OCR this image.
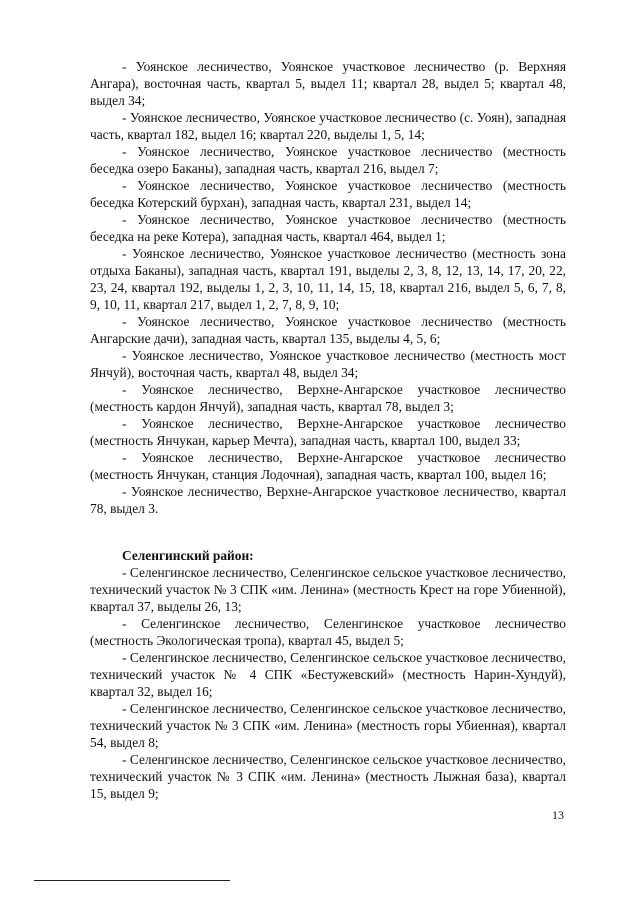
- Уоянское лесничество, Уоянское участковое лесничество (р. Верхняя Ангара), восточная часть, квартал 5, выдел 11; квартал 28, выдел 5; квартал 48, выдел 34;

- Уоянское лесничество, Уоянское участковое лесничество (с. Уоян), западная часть, квартал 182, выдел 16; квартал 220, выделы 1, 5, 14;

- Уоянское лесничество, Уоянское участковое лесничество (местность беседка озеро Баканы), западная часть, квартал 216, выдел 7;

- Уоянское лесничество, Уоянское участковое лесничество (местность беседка Котерский бурхан), западная часть, квартал 231, выдел 14;

- Уоянское лесничество, Уоянское участковое лесничество (местность беседка на реке Котера), западная часть, квартал 464, выдел 1;

- Уоянское лесничество, Уоянское участковое лесничество (местность зона отдыха Баканы), западная часть, квартал 191, выделы 2, 3, 8, 12, 13, 14, 17, 20, 22, 23, 24, квартал 192, выделы 1, 2, 3, 10, 11, 14, 15, 18, квартал 216, выдел 5, 6, 7, 8, 9, 10, 11, квартал 217, выдел 1, 2, 7, 8, 9, 10;

- Уоянское лесничество, Уоянское участковое лесничество (местность Ангарские дачи), западная часть, квартал 135, выделы 4, 5, 6;

- Уоянское лесничество, Уоянское участковое лесничество (местность мост Янчуй), восточная часть, квартал 48, выдел 34;

- Уоянское лесничество, Верхне-Ангарское участковое лесничество (местность кардон Янчуй), западная часть, квартал 78, выдел 3;

- Уоянское лесничество, Верхне-Ангарское участковое лесничество (местность Янчукан, карьер Мечта), западная часть, квартал 100, выдел 33;

- Уоянское лесничество, Верхне-Ангарское участковое лесничество (местность Янчукан, станция Лодочная), западная часть, квартал 100, выдел 16;

- Уоянское лесничество, Верхне-Ангарское участковое лесничество, квартал 78, выдел 3.

Селенгинский район:

- Селенгинское лесничество, Селенгинское сельское участковое лесничество, технический участок № 3 СПК «им. Ленина» (местность Крест на горе Убиенной), квартал 37, выделы 26, 13;

- Селенгинское лесничество, Селенгинское участковое лесничество (местность Экологическая тропа), квартал 45, выдел 5;

- Селенгинское лесничество, Селенгинское сельское участковое лесничество, технический участок № 4 СПК «Бестужевский» (местность Нарин-Хундуй), квартал 32, выдел 16;

- Селенгинское лесничество, Селенгинское сельское участковое лесничество, технический участок № 3 СПК «им. Ленина» (местность горы Убиенная), квартал 54, выдел 8;

- Селенгинское лесничество, Селенгинское сельское участковое лесничество, технический участок № 3 СПК «им. Ленина» (местность Лыжная база), квартал 15, выдел 9;

13
